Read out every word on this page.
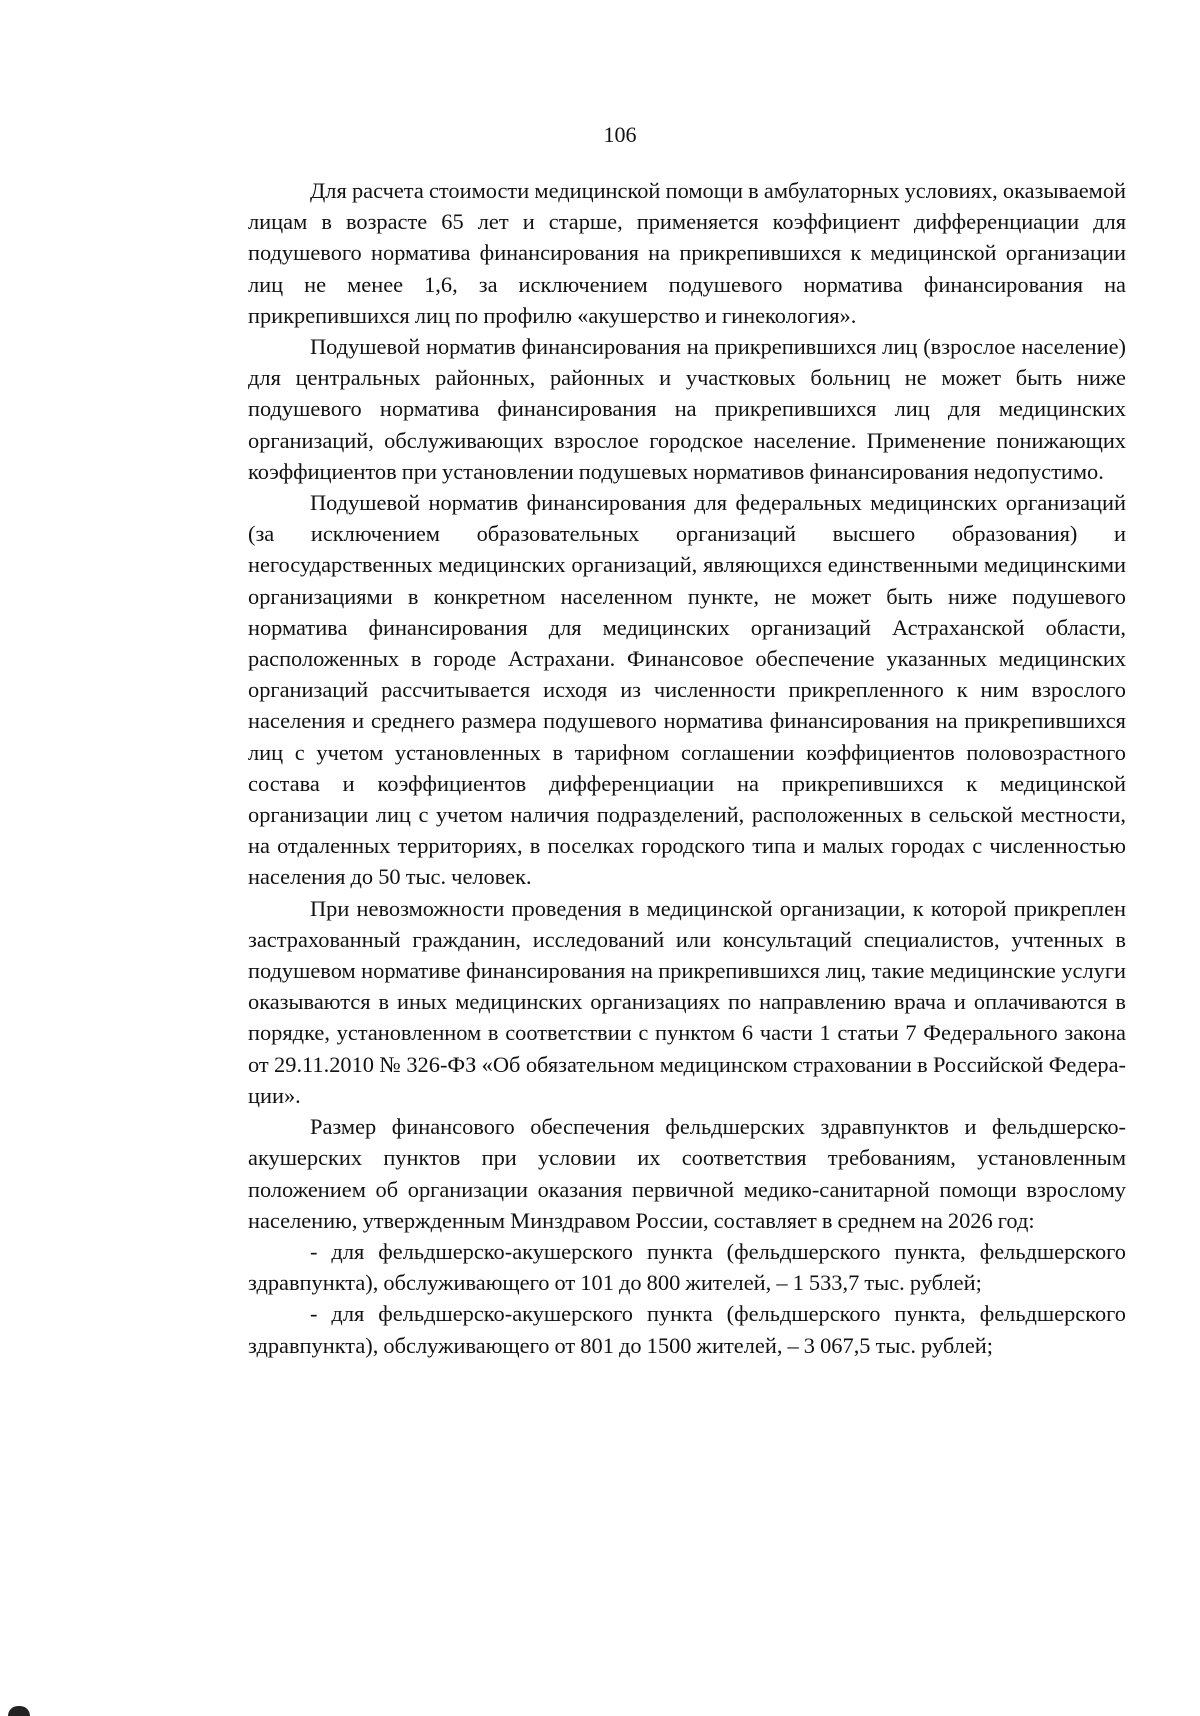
106

Для расчета стоимости медицинской помощи в амбулаторных условиях, оказываемой лицам в возрасте 65 лет и старше, применяется коэффициент дифференциации для подушевого норматива финансирования на прикрепившихся к медицинской организации лиц не менее 1,6, за исключением подушевого норматива финансирования на прикрепившихся лиц по профилю «акушерство и гинекология».

Подушевой норматив финансирования на прикрепившихся лиц (взрослое население) для центральных районных, районных и участковых больниц не может быть ниже подушевого норматива финансирования на прикрепившихся лиц для медицинских организаций, обслуживающих взрослое городское население. Применение понижающих коэффициентов при установлении подушевых нормативов финансирования недопустимо.

Подушевой норматив финансирования для федеральных медицинских организаций (за исключением образовательных организаций высшего образования) и негосударственных медицинских организаций, являющихся единственными медицинскими организациями в конкретном населенном пункте, не может быть ниже подушевого норматива финансирования для медицинских организаций Астраханской области, расположенных в городе Астрахани. Финансовое обеспечение указанных медицинских организаций рассчитывается исходя из численности прикрепленного к ним взрослого населения и среднего размера подушевого норматива финансирования на прикрепившихся лиц с учетом установленных в тарифном соглашении коэффициентов половозрастного состава и коэффициентов дифференциации на прикрепившихся к медицинской организации лиц с учетом наличия подразделений, расположенных в сельской местности, на отдаленных территориях, в поселках городского типа и малых городах с численностью населения до 50 тыс. человек.

При невозможности проведения в медицинской организации, к которой прикреплен застрахованный гражданин, исследований или консультаций специалистов, учтенных в подушевом нормативе финансирования на прикрепившихся лиц, такие медицинские услуги оказываются в иных медицинских организациях по направлению врача и оплачиваются в порядке, установленном в соответствии с пунктом 6 части 1 статьи 7 Федерального закона от 29.11.2010 № 326-ФЗ «Об обязательном медицинском страховании в Российской Федерации».

Размер финансового обеспечения фельдшерских здравпунктов и фельдшерско-акушерских пунктов при условии их соответствия требованиям, установленным положением об организации оказания первичной медико-санитарной помощи взрослому населению, утвержденным Минздравом России, составляет в среднем на 2026 год:

- для фельдшерско-акушерского пункта (фельдшерского пункта, фельдшерского здравпункта), обслуживающего от 101 до 800 жителей, – 1 533,7 тыс. рублей;

- для фельдшерско-акушерского пункта (фельдшерского пункта, фельдшерского здравпункта), обслуживающего от 801 до 1500 жителей, – 3 067,5 тыс. рублей;
